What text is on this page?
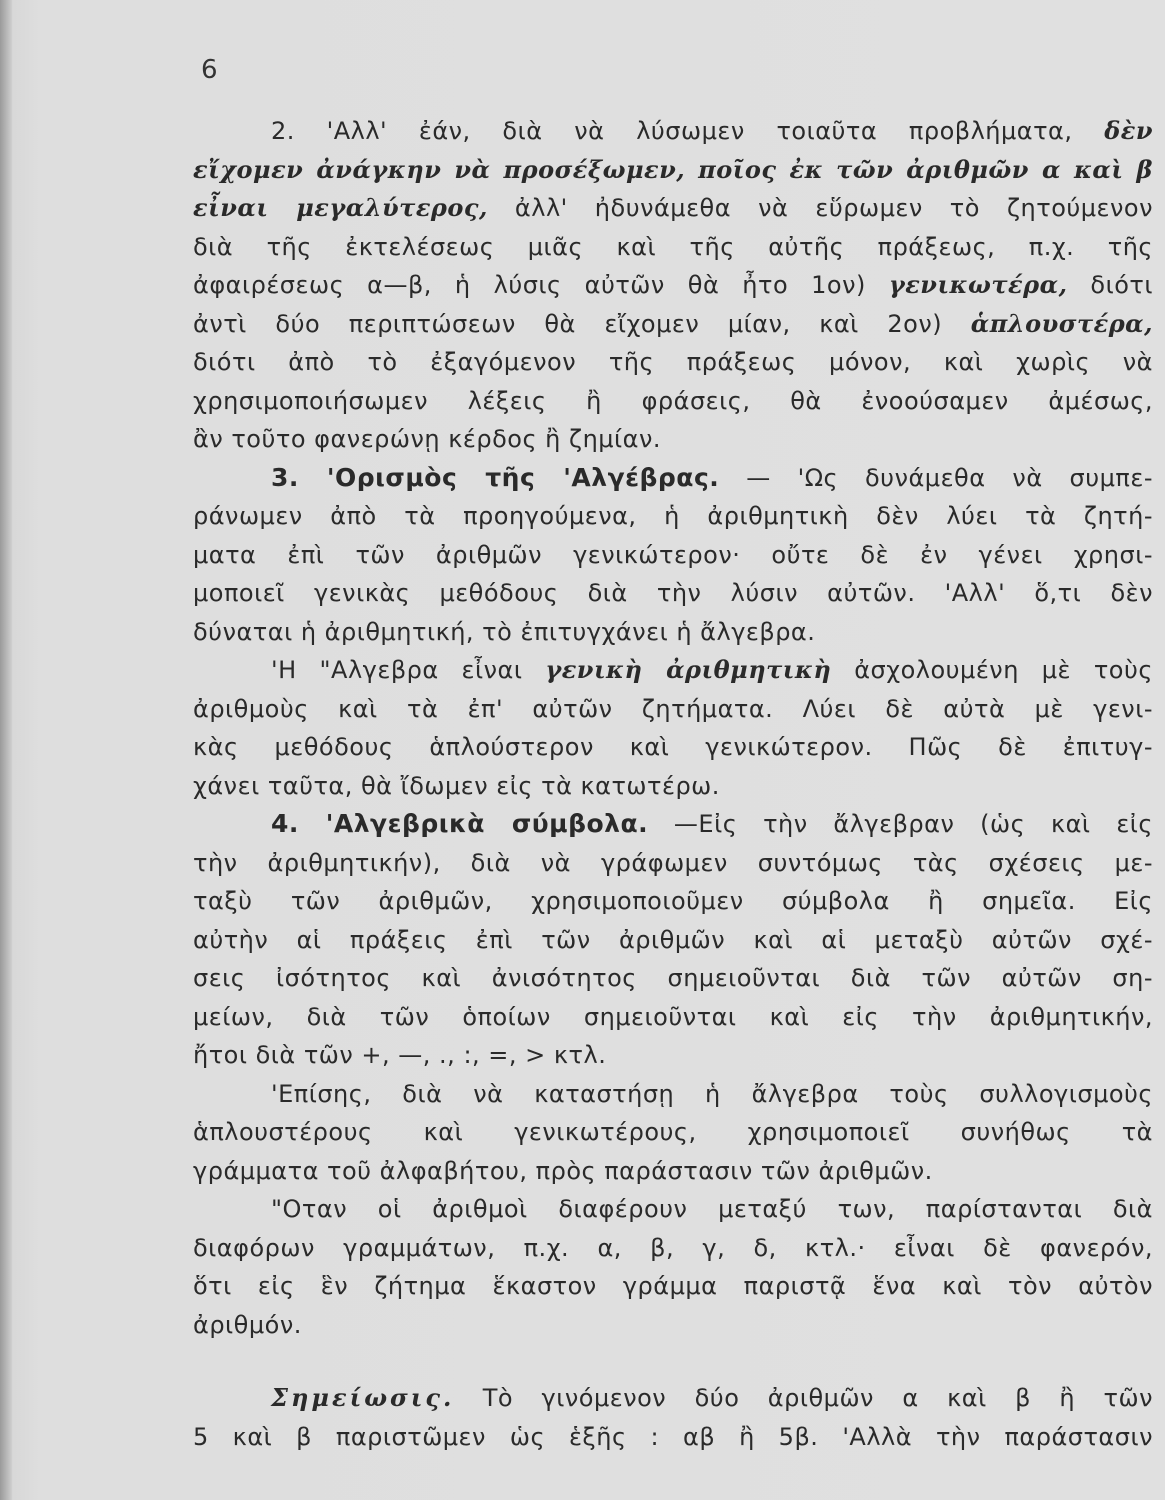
6
2. 'Αλλ' ἐάν, διὰ νὰ λύσωμεν τοιαῦτα προβλήματα, δὲν
εἴχομεν ἀνάγκην νὰ προσέξωμεν, ποῖος ἐκ τῶν ἀριθμῶν α καὶ β
εἶναι μεγαλύτερος, ἀλλ' ἠδυνάμεθα νὰ εὕρωμεν τὸ ζητούμενον
διὰ τῆς ἐκτελέσεως μιᾶς καὶ τῆς αὐτῆς πράξεως, π.χ. τῆς
ἀφαιρέσεως α—β, ἡ λύσις αὐτῶν θὰ ἦτο 1ον) γενικωτέρα, διότι
ἀντὶ δύο περιπτώσεων θὰ εἴχομεν μίαν, καὶ 2ον) ἁπλουστέρα,
διότι ἀπὸ τὸ ἐξαγόμενον τῆς πράξεως μόνον, καὶ χωρὶς νὰ
χρησιμοποιήσωμεν λέξεις ἢ φράσεις, θὰ ἐνοούσαμεν ἀμέσως,
ἂν τοῦτο φανερώνῃ κέρδος ἢ ζημίαν.
3. 'Ορισμὸς τῆς 'Αλγέβρας. — 'Ως δυνάμεθα νὰ συμπε-
ράνωμεν ἀπὸ τὰ προηγούμενα, ἡ ἀριθμητικὴ δὲν λύει τὰ ζητή-
ματα ἐπὶ τῶν ἀριθμῶν γενικώτερον· οὔτε δὲ ἐν γένει χρησι-
μοποιεῖ γενικὰς μεθόδους διὰ τὴν λύσιν αὐτῶν. 'Αλλ' ὅ,τι δὲν
δύναται ἡ ἀριθμητική, τὸ ἐπιτυγχάνει ἡ ἄλγεβρα.
'Η "Αλγεβρα εἶναι γενικὴ ἀριθμητικὴ ἀσχολουμένη μὲ τοὺς
ἀριθμοὺς καὶ τὰ ἐπ' αὐτῶν ζητήματα. Λύει δὲ αὐτὰ μὲ γενι-
κὰς μεθόδους ἁπλούστερον καὶ γενικώτερον. Πῶς δὲ ἐπιτυγ-
χάνει ταῦτα, θὰ ἴδωμεν εἰς τὰ κατωτέρω.
4. 'Αλγεβρικὰ σύμβολα. —Εἰς τὴν ἄλγεβραν (ὡς καὶ εἰς
τὴν ἀριθμητικήν), διὰ νὰ γράφωμεν συντόμως τὰς σχέσεις με-
ταξὺ τῶν ἀριθμῶν, χρησιμοποιοῦμεν σύμβολα ἢ σημεῖα. Εἰς
αὐτὴν αἱ πράξεις ἐπὶ τῶν ἀριθμῶν καὶ αἱ μεταξὺ αὐτῶν σχέ-
σεις ἰσότητος καὶ ἀνισότητος σημειοῦνται διὰ τῶν αὐτῶν ση-
μείων, διὰ τῶν ὁποίων σημειοῦνται καὶ εἰς τὴν ἀριθμητικήν,
ἤτοι διὰ τῶν +, —, ., :, =, > κτλ.
'Επίσης, διὰ νὰ καταστήσῃ ἡ ἄλγεβρα τοὺς συλλογισμοὺς
ἁπλουστέρους καὶ γενικωτέρους, χρησιμοποιεῖ συνήθως τὰ
γράμματα τοῦ ἀλφαβήτου, πρὸς παράστασιν τῶν ἀριθμῶν.
"Οταν οἱ ἀριθμοὶ διαφέρουν μεταξύ των, παρίστανται διὰ
διαφόρων γραμμάτων, π.χ. α, β, γ, δ, κτλ.· εἶναι δὲ φανερόν,
ὅτι εἰς ἓν ζήτημα ἕκαστον γράμμα παριστᾷ ἕνα καὶ τὸν αὐτὸν
ἀριθμόν.
Σημείωσις. Τὸ γινόμενον δύο ἀριθμῶν α καὶ β ἢ τῶν
5 καὶ β παριστῶμεν ὡς ἑξῆς : αβ ἢ 5β. 'Αλλὰ τὴν παράστασιν
